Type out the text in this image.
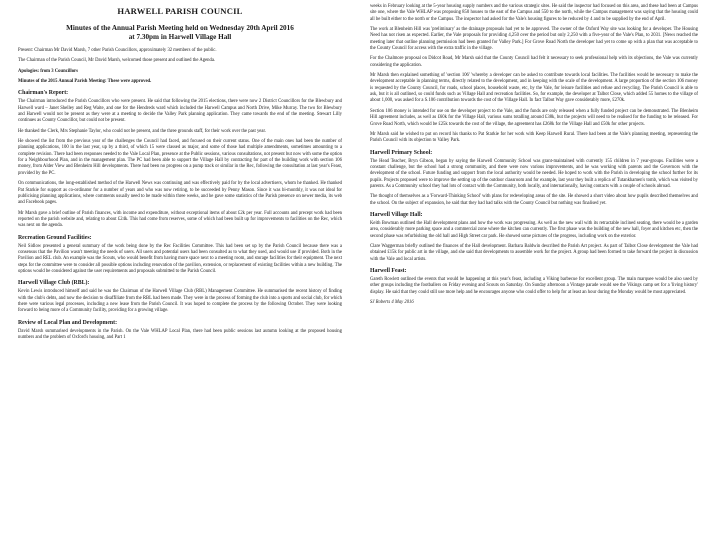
HARWELL PARISH COUNCIL
Minutes of the Annual Parish Meeting held on Wednesday 20th April 2016
at 7.30pm in Harwell Village Hall

Present: Chairman Mr David Marsh, 7 other Parish Councillors, approximately 32 members of the public.

The Chairman of the Parish Council, Mr David Marsh, welcomed those present and outlined the Agenda.

Apologies: from 3 Councillors

Minutes of the 2015 Annual Parish Meeting: These were approved.

Chairman's Report:

The Chairman introduced the Parish Councillors who were present. He said that following the 2015 elections, there were now 2 District Councillors for the Blewbury and Harwell ward – Janet Shelley and Reg Waite, and one for the Hendreds ward which included the Harwell Campus and North Drive, Mike Murray. The two for Blewbury and Harwell would not be present as they were at a meeting to decide the Valley Park planning application. They came towards the end of the meeting. Stewart Lilly continues as County Councillor, but could not be present.

He thanked the Clerk, Mrs Stephanie Taylor, who could not be present, and the three grounds staff, for their work over the past year.

He showed the list from the previous year of the challenges the Council had faced, and focused on their current status. One of the main ones had been the number of planning applications, 100 in the last year, up by a third, of which 15 were classed as major, and some of those had multiple amendments, sometimes amounting to a complete revision. There had been responses needed to the Vale Local Plan, presence at the Public sessions, various consultations, not present but now with some the option for a Neighbourhood Plan, and in the management plan. The PC had been able to support the Village Hall by contracting for part of the building work with section 106 money, from Alder View and Blenheim Hill developments. There had been no progress on a pump track or similar in the Rec, following the consultation at last year's Feast, provided by the PC.

On communications, the long-established method of the Harwell News was continuing and was effectively paid for by the local advertisers, whom he thanked. He thanked Pat Starkie for support as co-ordinator for a number of years and who was now retiring, to be succeeded by Penny Mason. Since it was bi-monthly, it was not ideal for publicising planning applications, where comments usually need to be made within three weeks, and he gave some statistics of the Parish presence on newer media, its web and Facebook pages.

Mr Marsh gave a brief outline of Parish finances, with income and expenditure, without exceptional items of about £2k per year. Full accounts and precept work had been reported on the parish website and, relating to about £24k. This had come from reserves, some of which had been built up for improvements to facilities on the Rec, which was next on the agenda.

Recreation Ground Facilities:

Neil Sidlow presented a general summary of the work being done by the Rec Facilities Committee. This had been set up by the Parish Council because there was a consensus that the Pavilion wasn't meeting the needs of users. All users and potential users had been consulted as to what they used, and would use if provided. Both in the Pavilion and REL club. An example was the Scouts, who would benefit from having more space next to a meeting room, and storage facilities for their equipment. The next steps for the committee were to consider all possible options including renovation of the pavilion, extension, or replacement of existing facilities within a new building. The options would be considered against the user requirements and proposals submitted to the Parish Council.

Harwell Village Club (RBL):

Kevin Lewis introduced himself and said he was the Chairman of the Harwell Village Club (RBL) Management Committee. He summarised the recent history of finding with the club's debts, and now the decision to disaffiliate from the RBL had been made. They were in the process of forming the club into a sports and social club, for which there were various legal processes, including a new lease from the Parish Council. It was hoped to complete the process by the following October. They were looking forward to being more of a Community facility, providing for a growing village.

Review of Local Plan and Development:

David Marsh summarised developments in the Parish. On the Vale WHLAP Local Plan, there had been public sessions last autumn looking at the proposed housing numbers and the problem of Oxford's housing, and Part 1

weeks in February looking at the 5-year housing supply numbers and the various strategic sites. He said the inspector had focused on this area, and these had been at Campus site one, where the Vale WHLAP was proposing 850 houses to the east of the Campus and 550 to the north, while the Campus management was saying that the housing could all be built either to the north or the Campus. The inspector had asked for the Vale's housing figures to be reduced by 4 and to be supplied by the end of April.

The work at Blenheim Hill was 'preliminary' as the drainage proposals had yet to be approved. The owner of the Oxford Way site was looking for a developer. The Housing Need has not risen as expected. Earlier, the Vale proposals for providing 4,250 over the period but only 2,250 with a five-year of the Vale's Plan, to 2031. [News reached the meeting later that outline planning permission had been granted for Valley Park.] For Grove Road North the developer had yet to come up with a plan that was acceptable to the County Council for access with the extra traffic in the village.

For the Chalmore proposal on Didcot Road, Mr Marsh said that the County Council had felt it necessary to seek professional help with its objections, the Vale was currently considering the application.

Mr Marsh then explained something of 'section 106' 'whereby a developer can be asked to contribute towards local facilities. The facilities would be necessary to make the development acceptable in planning terms, directly related to the development, and in keeping with the scale of the development. A large proportion of the section 106 money is requested by the County Council, for roads, school places, household waste, etc, by the Vale, for leisure facilities and refuse and recycling. The Parish Council is able to ask, but it is all outlined, so could funds such as Village Hall and recreation facilities. So, for example, the developer at Talbot Close, which added 55 homes to the village of about 1,000, was asked for a S.106 contribution towards the cost of the Village Hall. In fact Talbot Way gave considerably more, £270k.

Section 106 money is intended for use on the developer project to the Vale, and the funds are only released when a fully funded project can be demonstrated. The Blenheim Hill agreement includes, as well as £60k for the Village Hall, various sums totalling around £38k, but the projects will need to be realised for the funding to be released. For Grove Road North, which would be £25k towards the cost of the village, the agreement has £268k for the Village Hall and £50k for other projects.

Mr Marsh said he wished to put on record his thanks to Pat Starkie for her work with Keep Harwell Rural. There had been at the Vale's planning meeting, representing the Parish Council with its objection to Valley Park.

Harwell Primary School:

The Head Teacher, Bryn Gibson, began by saying the Harwell Community School was grant-maintained with currently 155 children in 7 year-groups. Facilities were a constant challenge, but the school had a strong community, and there were now various improvements, and he was working with parents and the Governors with the development of the school. Future funding and support from the local authority would be needed. He hoped to work with the Parish in developing the school further for its pupils. Projects proposed were to improve the setting up of the outdoor classroom and for example, last year they built a replica of Tutankhamen's tomb, which was visited by parents. As a Community school they had lots of contact with the Community, both locally, and internationally, having contacts with a couple of schools abroad.

The thought of themselves as a 'Forward-Thinking School' with plans for redeveloping areas of the site. He showed a short video about how pupils described themselves and the school. On the subject of expansion, he said that they had had talks with the County Council but nothing was finalised yet.

Harwell Village Hall:

Keith Bowman outlined the Hall development plans and how the work was progressing. As well as the new wall with its retractable inclined seating, there would be a garden area, considerably more parking space and a commercial zone where the kitchen can currently. The first phase was the building of the new hall, foyer and kitchen etc, then the second phase was refurbishing the old hall and High Street car park. He showed some pictures of the progress, including work on the exterior.

Clare Waggerman briefly outlined the finances of the Hall development. Barbara Baldwin described the Parish Art project. As part of Talbot Close development the Vale had obtained £15k for public art in the village, and she said that developments to assemble work for the project. A group had been formed to take forward the project in discussion with the Vale and local artists.

Harwell Feast:

Gareth Rowlett outlined the events that would be happening at this year's feast, including a Viking barbecue for excellent group. The main marquee would be also used by other groups including the footballers on Friday evening and Scouts on Saturday. On Sunday afternoon a Vintage parade would see the Vikings camp set for a 'living history' display. He said that they could still use more help and he encourages anyone who could offer to help for at least an hour during the Monday would be most appreciated.

SJ Roberts 4 May 2016
